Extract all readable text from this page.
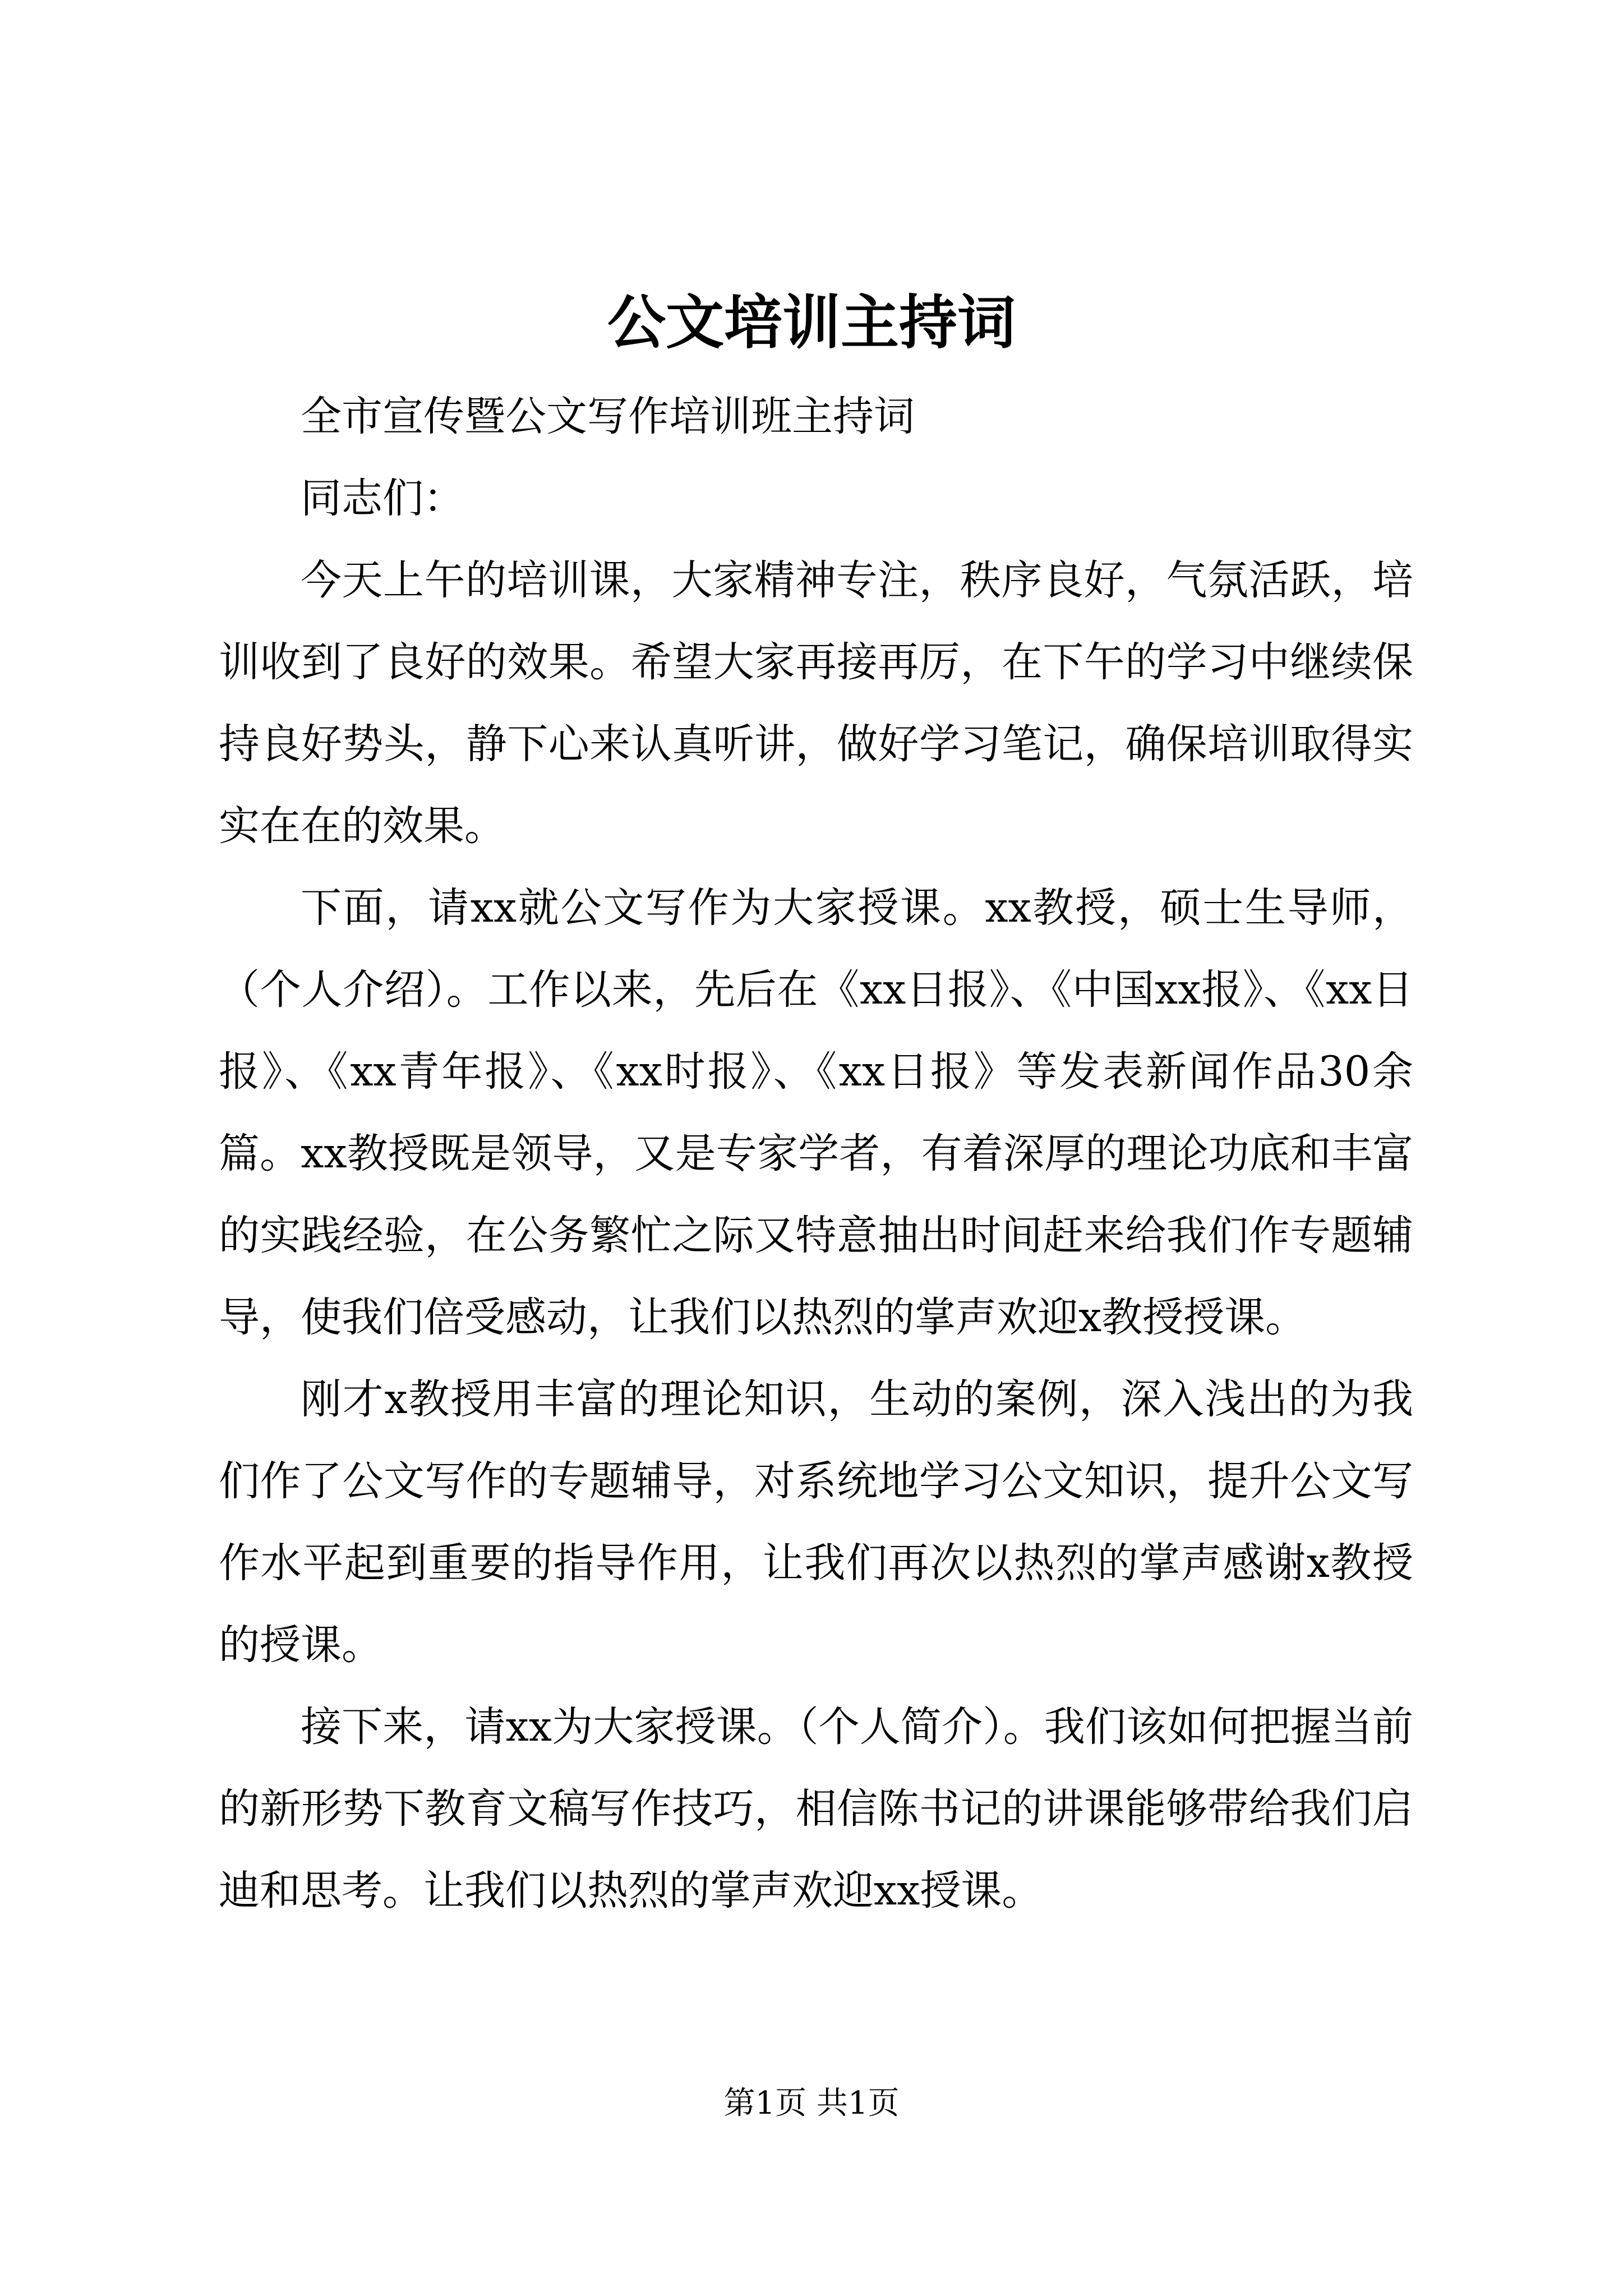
公文培训主持词

全市宣传暨公文写作培训班主持词

同志们：

今天上午的培训课，大家精神专注，秩序良好，气氛活跃，培训收到了良好的效果。希望大家再接再厉，在下午的学习中继续保持良好势头，静下心来认真听讲，做好学习笔记，确保培训取得实实在在的效果。

下面，请xx就公文写作为大家授课。xx教授，硕士生导师，（个人介绍）。工作以来，先后在《xx日报》、《中国xx报》、《xx日报》、《xx青年报》、《xx时报》、《xx日报》等发表新闻作品30余篇。xx教授既是领导，又是专家学者，有着深厚的理论功底和丰富的实践经验，在公务繁忙之际又特意抽出时间赶来给我们作专题辅导，使我们倍受感动，让我们以热烈的掌声欢迎x教授授课。

刚才x教授用丰富的理论知识，生动的案例，深入浅出的为我们作了公文写作的专题辅导，对系统地学习公文知识，提升公文写作水平起到重要的指导作用，让我们再次以热烈的掌声感谢x教授的授课。

接下来，请xx为大家授课。（个人简介）。我们该如何把握当前的新形势下教育文稿写作技巧，相信陈书记的讲课能够带给我们启迪和思考。让我们以热烈的掌声欢迎xx授课。

第1页 共1页
